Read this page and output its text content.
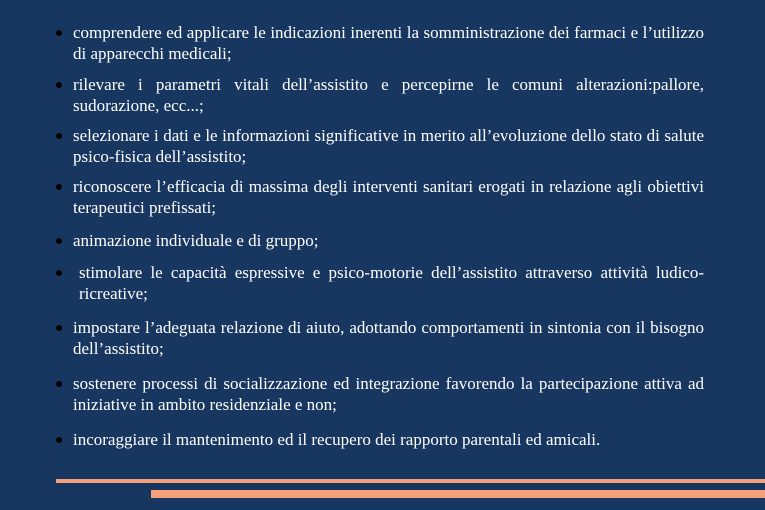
comprendere ed applicare le indicazioni inerenti la somministrazione dei farmaci e l’utilizzo di apparecchi medicali;
rilevare i parametri vitali dell’assistito e percepirne le comuni alterazioni:pallore, sudorazione, ecc...;
selezionare i dati e le informazioni significative in merito all’evoluzione dello stato di salute psico-fisica dell’assistito;
riconoscere l’efficacia di massima degli interventi sanitari erogati in relazione agli obiettivi terapeutici prefissati;
animazione individuale e di gruppo;
stimolare le capacità espressive e psico-motorie dell’assistito attraverso attività ludico-ricreative;
impostare l’adeguata relazione di aiuto, adottando comportamenti in sintonia con il bisogno dell’assistito;
sostenere processi di socializzazione ed integrazione favorendo la partecipazione attiva ad iniziative in ambito residenziale e non;
incoraggiare il mantenimento ed il recupero dei rapporto parentali ed amicali.
